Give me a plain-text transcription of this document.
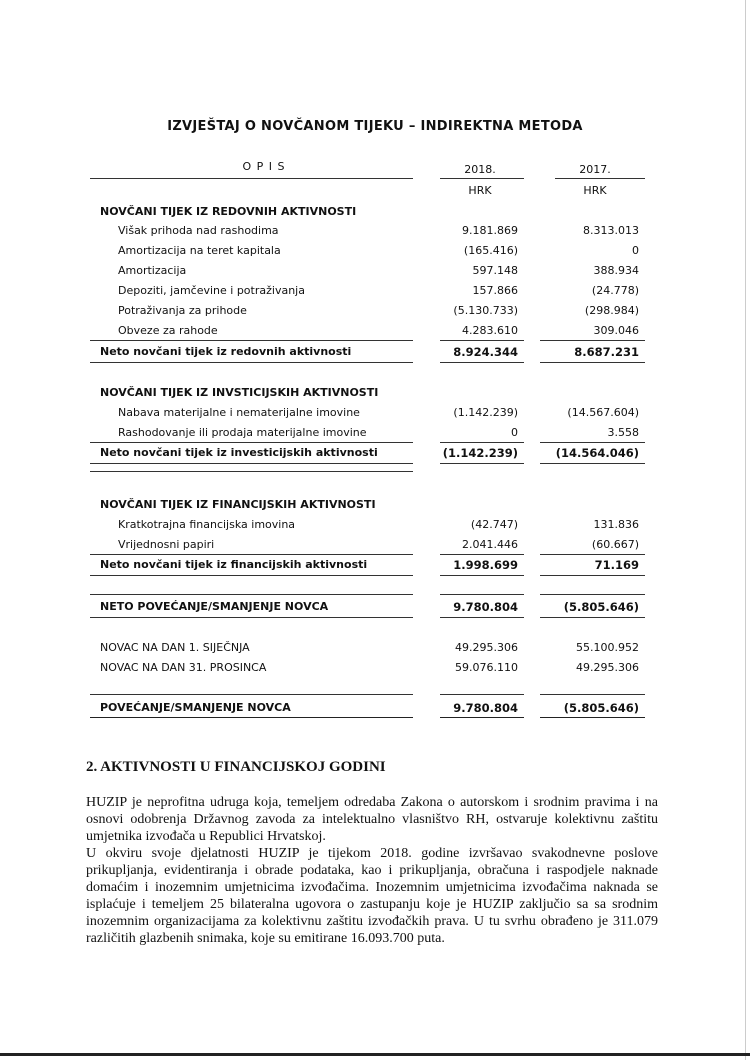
IZVJEŠTAJ O NOVČANOM TIJEKU – INDIREKTNA METODA
O P I S	2018.	2017.
HRK	HRK
NOVČANI TIJEK IZ REDOVNIH AKTIVNOSTI
Višak prihoda nad rashodima	9.181.869	8.313.013
Amortizacija na teret kapitala	(165.416)	0
Amortizacija	597.148	388.934
Depoziti, jamčevine i potraživanja	157.866	(24.778)
Potraživanja za prihode	(5.130.733)	(298.984)
Obveze za rahode	4.283.610	309.046
Neto novčani tijek iz redovnih aktivnosti	8.924.344	8.687.231
NOVČANI TIJEK IZ INVSTICIJSKIH AKTIVNOSTI
Nabava materijalne i nematerijalne imovine	(1.142.239)	(14.567.604)
Rashodovanje ili prodaja materijalne imovine	0	3.558
Neto novčani tijek iz investicijskih aktivnosti	(1.142.239)	(14.564.046)
NOVČANI TIJEK IZ FINANCIJSKIH AKTIVNOSTI
Kratkotrajna financijska imovina	(42.747)	131.836
Vrijednosni papiri	2.041.446	(60.667)
Neto novčani tijek iz financijskih aktivnosti	1.998.699	71.169
NETO POVEĆANJE/SMANJENJE NOVCA	9.780.804	(5.805.646)
NOVAC NA DAN 1. SIJEČNJA	49.295.306	55.100.952
NOVAC NA DAN 31. PROSINCA	59.076.110	49.295.306
POVEĆANJE/SMANJENJE NOVCA	9.780.804	(5.805.646)
2. AKTIVNOSTI U FINANCIJSKOJ GODINI

HUZIP je neprofitna udruga koja, temeljem odredaba Zakona o autorskom i srodnim pravima i na osnovi odobrenja Državnog zavoda za intelektualno vlasništvo RH, ostvaruje kolektivnu zaštitu umjetnika izvođača u Republici Hrvatskoj.

U okviru svoje djelatnosti HUZIP je tijekom 2018. godine izvršavao svakodnevne poslove prikupljanja, evidentiranja i obrade podataka, kao i prikupljanja, obračuna i raspodjele naknade domaćim i inozemnim umjetnicima izvođačima. Inozemnim umjetnicima izvođačima naknada se isplaćuje i temeljem 25 bilateralna ugovora o zastupanju koje je HUZIP zaključio sa sa srodnim inozemnim organizacijama za kolektivnu zaštitu izvođačkih prava. U tu svrhu obrađeno je 311.079 različitih glazbenih snimaka, koje su emitirane 16.093.700 puta.
